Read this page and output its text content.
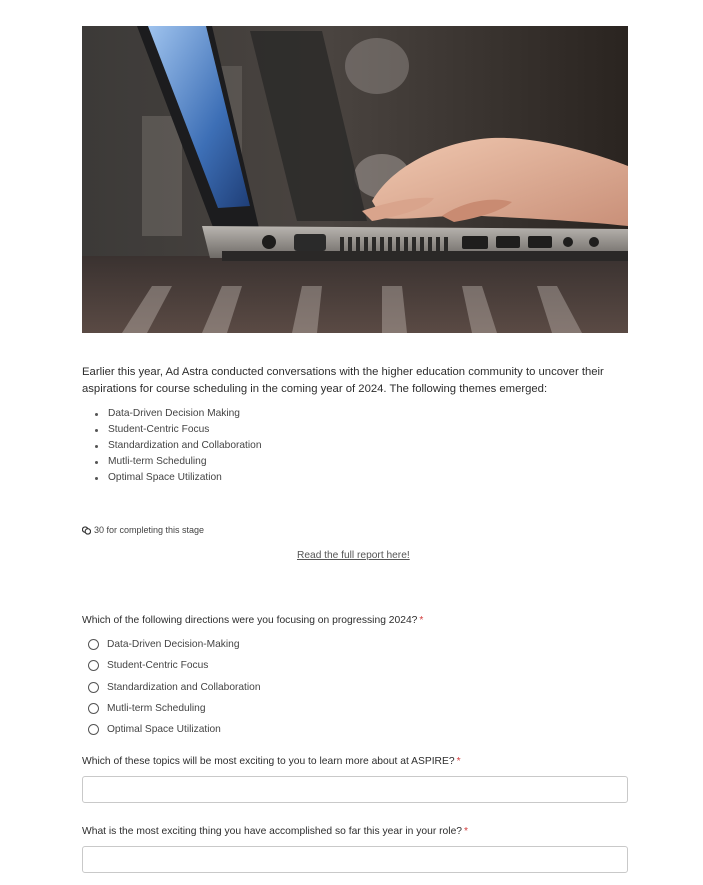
Earlier this year, Ad Astra conducted conversations with the higher education community to uncover their aspirations for course scheduling in the coming year of 2024. The following themes emerged:
Data-Driven Decision Making
Student-Centric Focus
Standardization and Collaboration
Mutli-term Scheduling
Optimal Space Utilization
30 for completing this stage
Read the full report here!
Which of the following directions were you focusing on progressing 2024? *
Data-Driven Decision-Making
Student-Centric Focus
Standardization and Collaboration
Mutli-term Scheduling
Optimal Space Utilization
Which of these topics will be most exciting to you to learn more about at ASPIRE? *
What is the most exciting thing you have accomplished so far this year in your role? *
